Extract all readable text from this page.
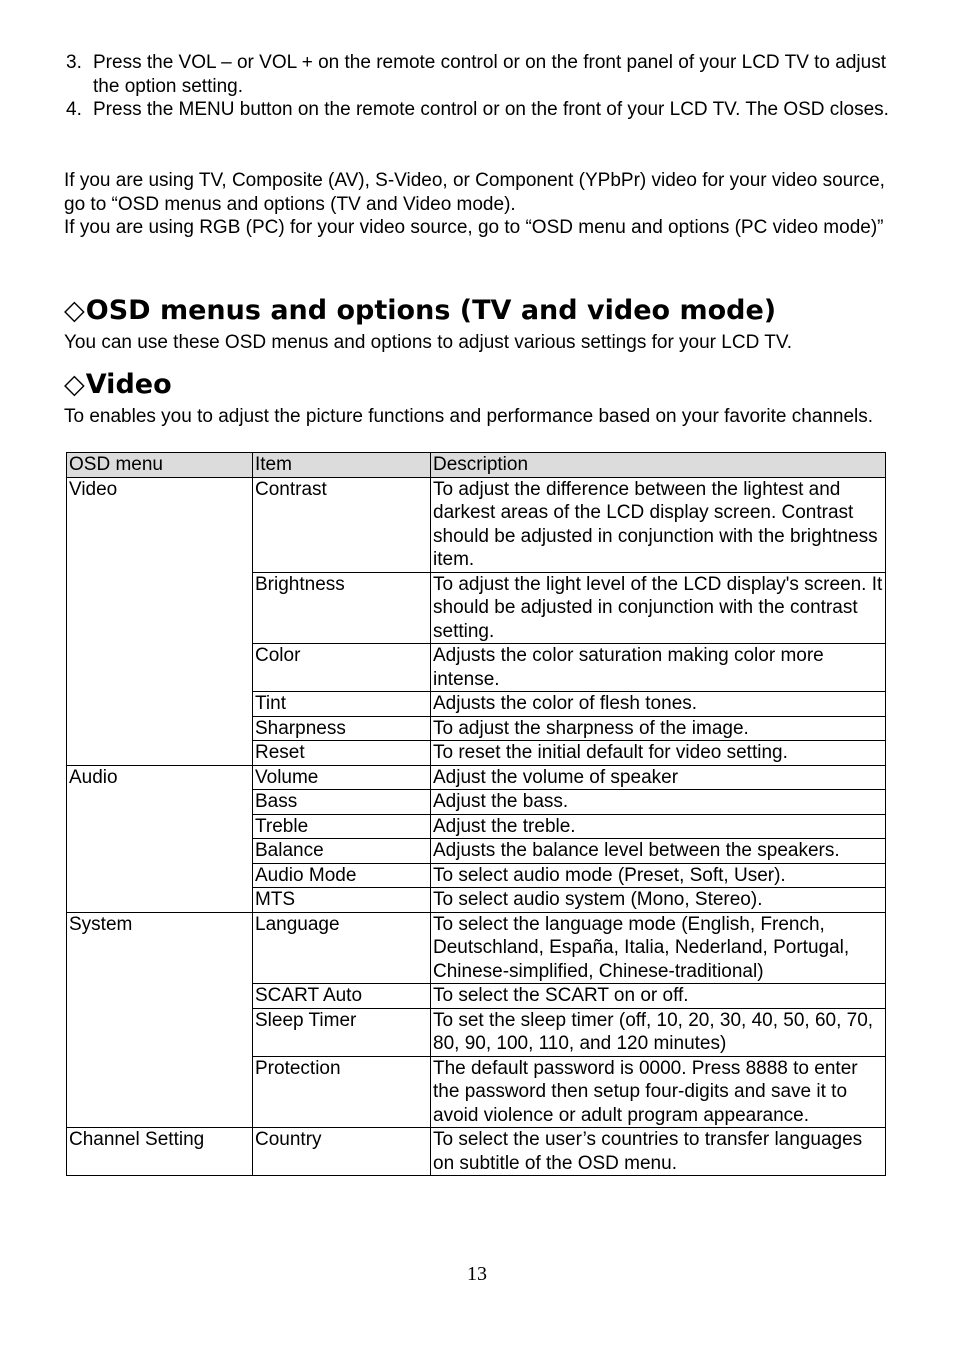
3. Press the VOL – or VOL + on the remote control or on the front panel of your LCD TV to adjust the option setting.
4. Press the MENU button on the remote control or on the front of your LCD TV. The OSD closes.

If you are using TV, Composite (AV), S-Video, or Component (YPbPr) video for your video source, go to “OSD menus and options (TV and Video mode).

If you are using RGB (PC) for your video source, go to “OSD menu and options (PC video mode)”

◇OSD menus and options (TV and video mode)

You can use these OSD menus and options to adjust various settings for your LCD TV.

◇Video

To enables you to adjust the picture functions and performance based on your favorite channels.

OSD menu	Item	Description
Video	Contrast	To adjust the difference between the lightest and darkest areas of the LCD display screen. Contrast should be adjusted in conjunction with the brightness item.
	Brightness	To adjust the light level of the LCD display's screen. It should be adjusted in conjunction with the contrast setting.
	Color	Adjusts the color saturation making color more intense.
	Tint	Adjusts the color of flesh tones.
	Sharpness	To adjust the sharpness of the image.
	Reset	To reset the initial default for video setting.
Audio	Volume	Adjust the volume of speaker
	Bass	Adjust the bass.
	Treble	Adjust the treble.
	Balance	Adjusts the balance level between the speakers.
	Audio Mode	To select audio mode (Preset, Soft, User).
	MTS	To select audio system (Mono, Stereo).
System	Language	To select the language mode (English, French, Deutschland, España, Italia, Nederland, Portugal, Chinese-simplified, Chinese-traditional)
	SCART Auto	To select the SCART on or off.
	Sleep Timer	To set the sleep timer (off, 10, 20, 30, 40, 50, 60, 70, 80, 90, 100, 110, and 120 minutes)
	Protection	The default password is 0000. Press 8888 to enter the password then setup four-digits and save it to avoid violence or adult program appearance.
Channel Setting	Country	To select the user’s countries to transfer languages on subtitle of the OSD menu.
13
